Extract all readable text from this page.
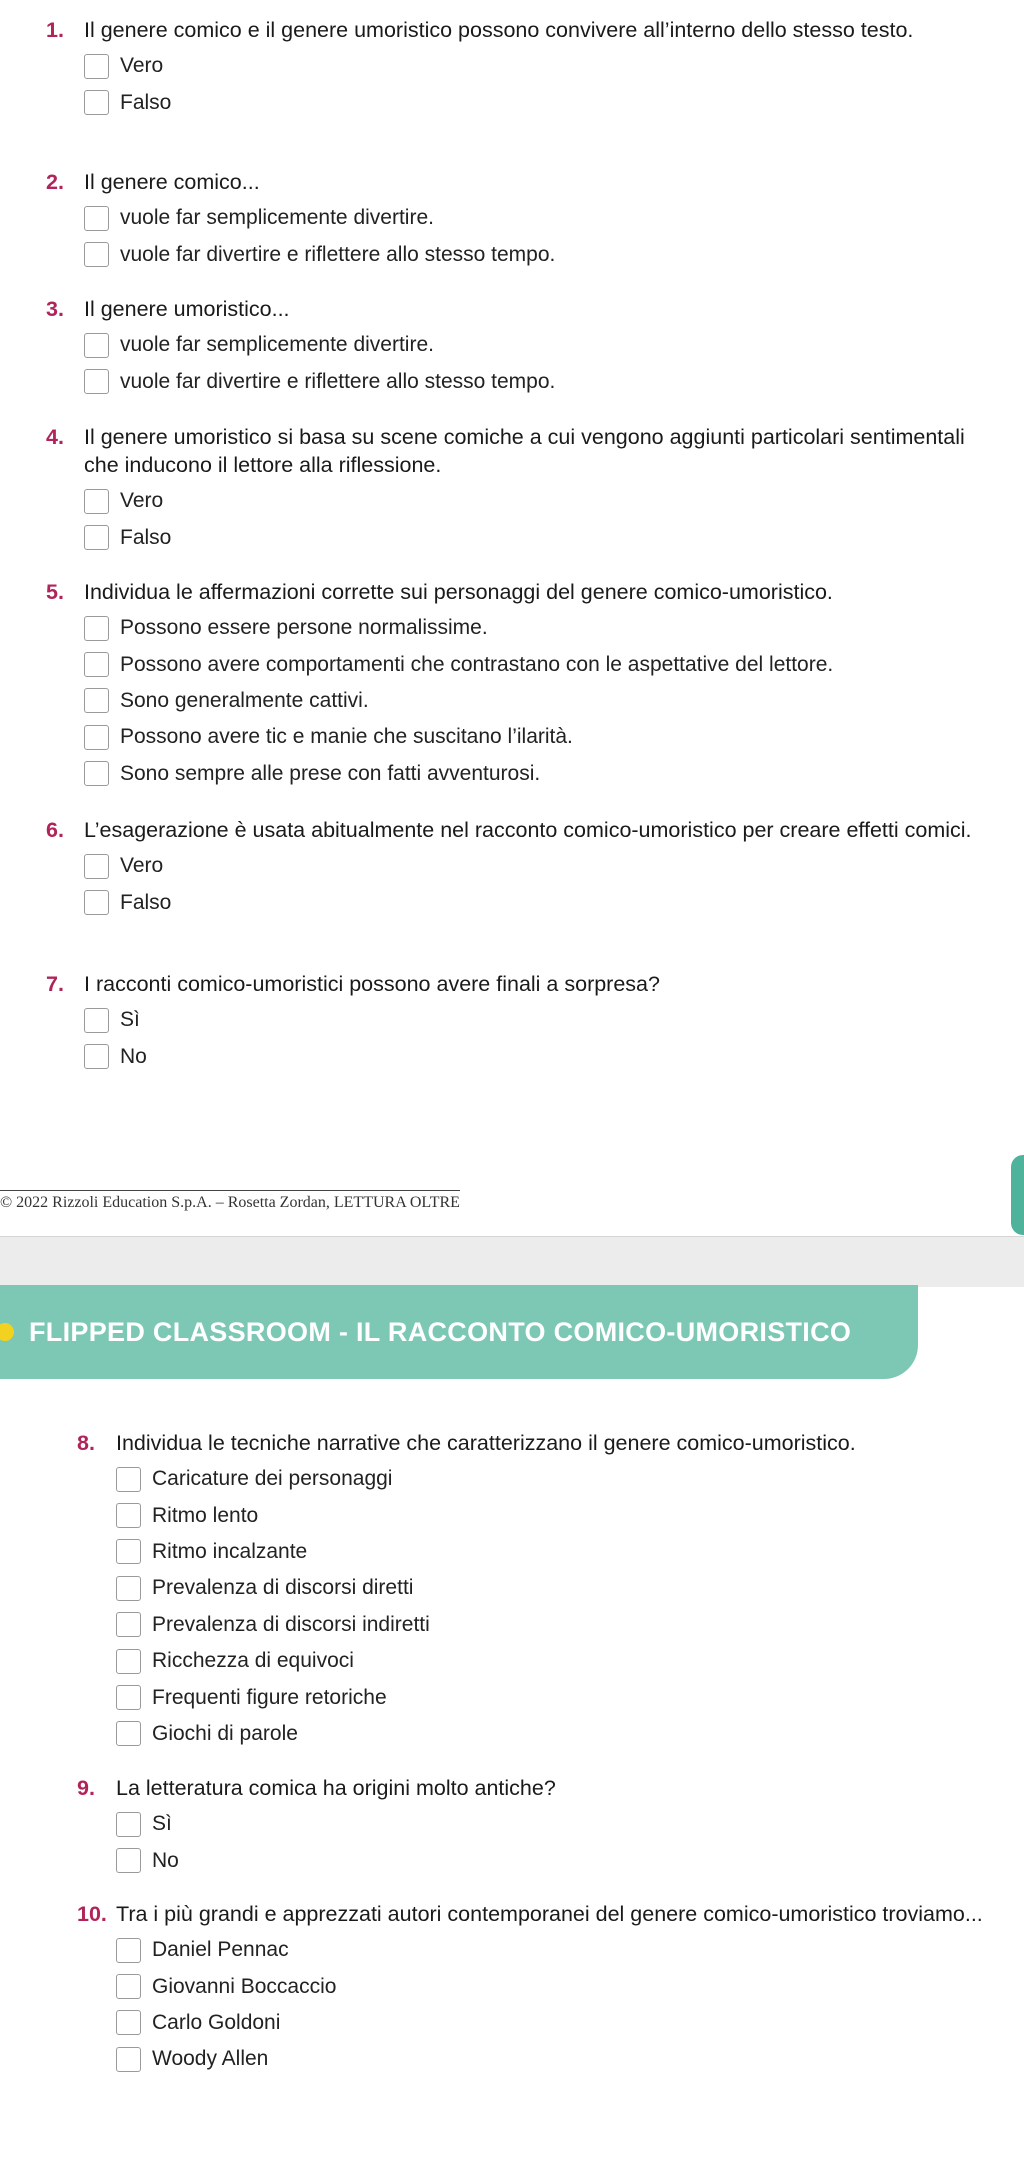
1. Il genere comico e il genere umoristico possono convivere all’interno dello stesso testo.
Vero
Falso
2. Il genere comico...
vuole far semplicemente divertire.
vuole far divertire e riflettere allo stesso tempo.
3. Il genere umoristico...
vuole far semplicemente divertire.
vuole far divertire e riflettere allo stesso tempo.
4. Il genere umoristico si basa su scene comiche a cui vengono aggiunti particolari sentimentali che inducono il lettore alla riflessione.
Vero
Falso
5. Individua le affermazioni corrette sui personaggi del genere comico-umoristico.
Possono essere persone normalissime.
Possono avere comportamenti che contrastano con le aspettative del lettore.
Sono generalmente cattivi.
Possono avere tic e manie che suscitano l’ilarità.
Sono sempre alle prese con fatti avventurosi.
6. L’esagerazione è usata abitualmente nel racconto comico-umoristico per creare effetti comici.
Vero
Falso
7. I racconti comico-umoristici possono avere finali a sorpresa?
Sì
No
8. Individua le tecniche narrative che caratterizzano il genere comico-umoristico.
Caricature dei personaggi
Ritmo lento
Ritmo incalzante
Prevalenza di discorsi diretti
Prevalenza di discorsi indiretti
Ricchezza di equivoci
Frequenti figure retoriche
Giochi di parole
9. La letteratura comica ha origini molto antiche?
Sì
No
10. Tra i più grandi e apprezzati autori contemporanei del genere comico-umoristico troviamo...
Daniel Pennac
Giovanni Boccaccio
Carlo Goldoni
Woody Allen
© 2022 Rizzoli Education S.p.A. – Rosetta Zordan, LETTURA OLTRE
FLIPPED CLASSROOM - IL RACCONTO COMICO-UMORISTICO
